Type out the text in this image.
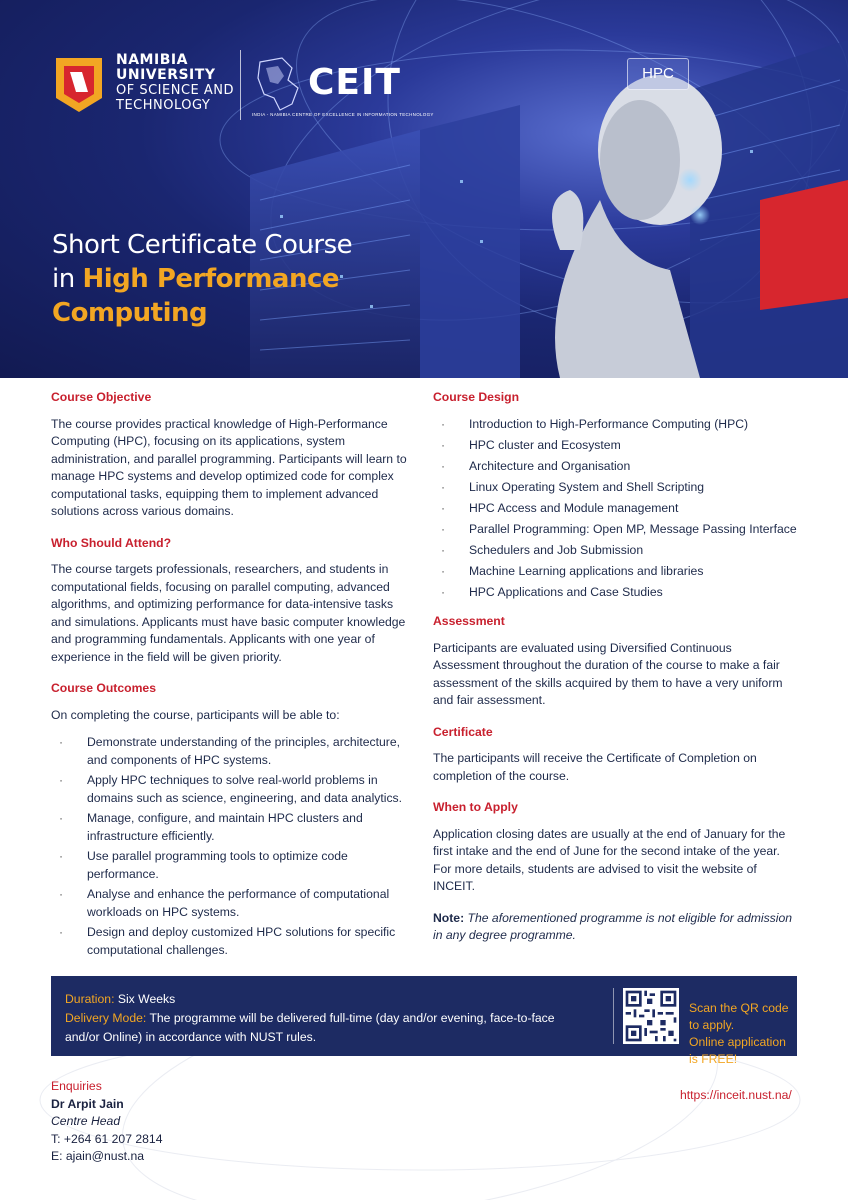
NAMIBIA
UNIVERSITY
OF SCIENCE AND
TECHNOLOGY
CEIT
INDIA - NAMIBIA CENTRE OF EXCELLENCE IN INFORMATION TECHNOLOGY
HPC
Short Certificate Course
in High Performance
Computing
Course Objective
The course provides practical knowledge of High-Performance Computing (HPC), focusing on its applications, system administration, and parallel programming. Participants will learn to manage HPC systems and develop optimized code for complex computational tasks, equipping them to implement advanced solutions across various domains.
Who Should Attend?
The course targets professionals, researchers, and students in computational fields, focusing on parallel computing, advanced algorithms, and optimizing performance for data-intensive tasks and simulations. Applicants must have basic computer knowledge and programming fundamentals. Applicants with one year of experience in the field will be given priority.
Course Outcomes
On completing the course, participants will be able to:
· Demonstrate understanding of the principles, architecture, and components of HPC systems.
· Apply HPC techniques to solve real-world problems in domains such as science, engineering, and data analytics.
· Manage, configure, and maintain HPC clusters and infrastructure efficiently.
· Use parallel programming tools to optimize code performance.
· Analyse and enhance the performance of computational workloads on HPC systems.
· Design and deploy customized HPC solutions for specific computational challenges.
Course Design
· Introduction to High-Performance Computing (HPC)
· HPC cluster and Ecosystem
· Architecture and Organisation
· Linux Operating System and Shell Scripting
· HPC Access and Module management
· Parallel Programming: Open MP, Message Passing Interface
· Schedulers and Job Submission
· Machine Learning applications and libraries
· HPC Applications and Case Studies
Assessment
Participants are evaluated using Diversified Continuous Assessment throughout the duration of the course to make a fair assessment of the skills acquired by them to have a very uniform and fair assessment.
Certificate
The participants will receive the Certificate of Completion on completion of the course.
When to Apply
Application closing dates are usually at the end of January for the first intake and the end of June for the second intake of the year. For more details, students are advised to visit the website of INCEIT.
Note: The aforementioned programme is not eligible for admission in any degree programme.
Duration: Six Weeks
Delivery Mode: The programme will be delivered full-time (day and/or evening, face-to-face and/or Online) in accordance with NUST rules.
Scan the QR code to apply.
Online application is FREE!
Enquiries
Dr Arpit Jain
Centre Head
T: +264 61 207 2814
E: ajain@nust.na
https://inceit.nust.na/
